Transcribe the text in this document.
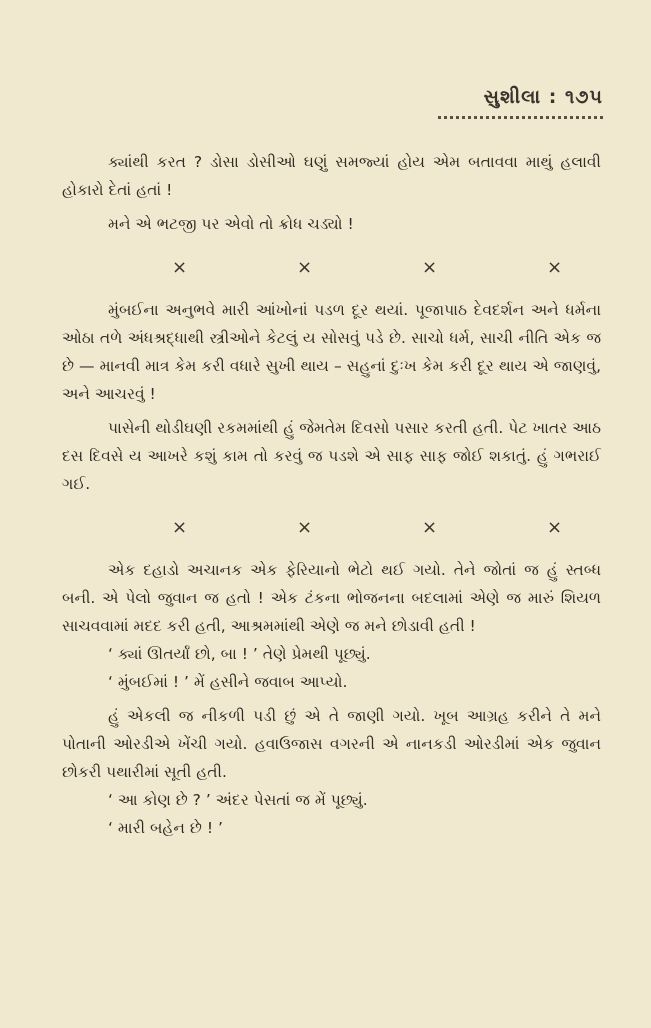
સુશીલા : ૧૭૫

ક્યાંથી કરત ? ડોસા ડોસીઓ ઘણું સમજ્યાં હોય એમ બતાવવા માથું હલાવી હોકારો દેતાં હતાં !

મને એ ભટજી પર એવો તો ક્રોધ ચડ્યો !

×	×	×	×

મુંબઈના અનુભવે મારી આંખોનાં પડળ દૂર થયાં. પૂજાપાઠ દેવદર્શન અને ધર્મના ઓઠા તળે અંધશ્રદ્ધાથી સ્ત્રીઓને કેટલું ય સોસવું પડે છે. સાચો ધર્મ, સાચી નીતિ એક જ છે — માનવી માત્ર કેમ કરી વધારે સુખી થાય – સહુનાં દુઃખ કેમ કરી દૂર થાય એ જાણવું, અને આચરવું !

પાસેની થોડીઘણી રકમમાંથી હું જેમતેમ દિવસો પસાર કરતી હતી. પેટ ખાતર આઠ દસ દિવસે ય આખરે કશું કામ તો કરવું જ પડશે એ સાફ સાફ જોઈ શકાતું. હું ગભરાઈ ગઈ.

×	×	×	×

એક દહાડો અચાનક એક ફેરિયાનો ભેટો થઈ ગયો. તેને જોતાં જ હું સ્તબ્ધ બની. એ પેલો જુવાન જ હતો ! એક ટંકના ભોજનના બદલામાં એણે જ મારું શિયળ સાચવવામાં મદદ કરી હતી, આશ્રમમાંથી એણે જ મને છોડાવી હતી !

‘ ક્યાં ઊતર્યાં છો, બા ! ’ તેણે પ્રેમથી પૂછ્યું.

‘ મુંબઈમાં ! ’ મેં હસીને જવાબ આપ્યો.

હું એકલી જ નીકળી પડી છું એ તે જાણી ગયો. ખૂબ આગ્રહ કરીને તે મને પોતાની ઓરડીએ ખેંચી ગયો. હવાઉજાસ વગરની એ નાનકડી ઓરડીમાં એક જુવાન છોકરી પથારીમાં સૂતી હતી.

‘ આ કોણ છે ? ’ અંદર પેસતાં જ મેં પૂછ્યું.

‘ મારી બહેન છે ! ’
